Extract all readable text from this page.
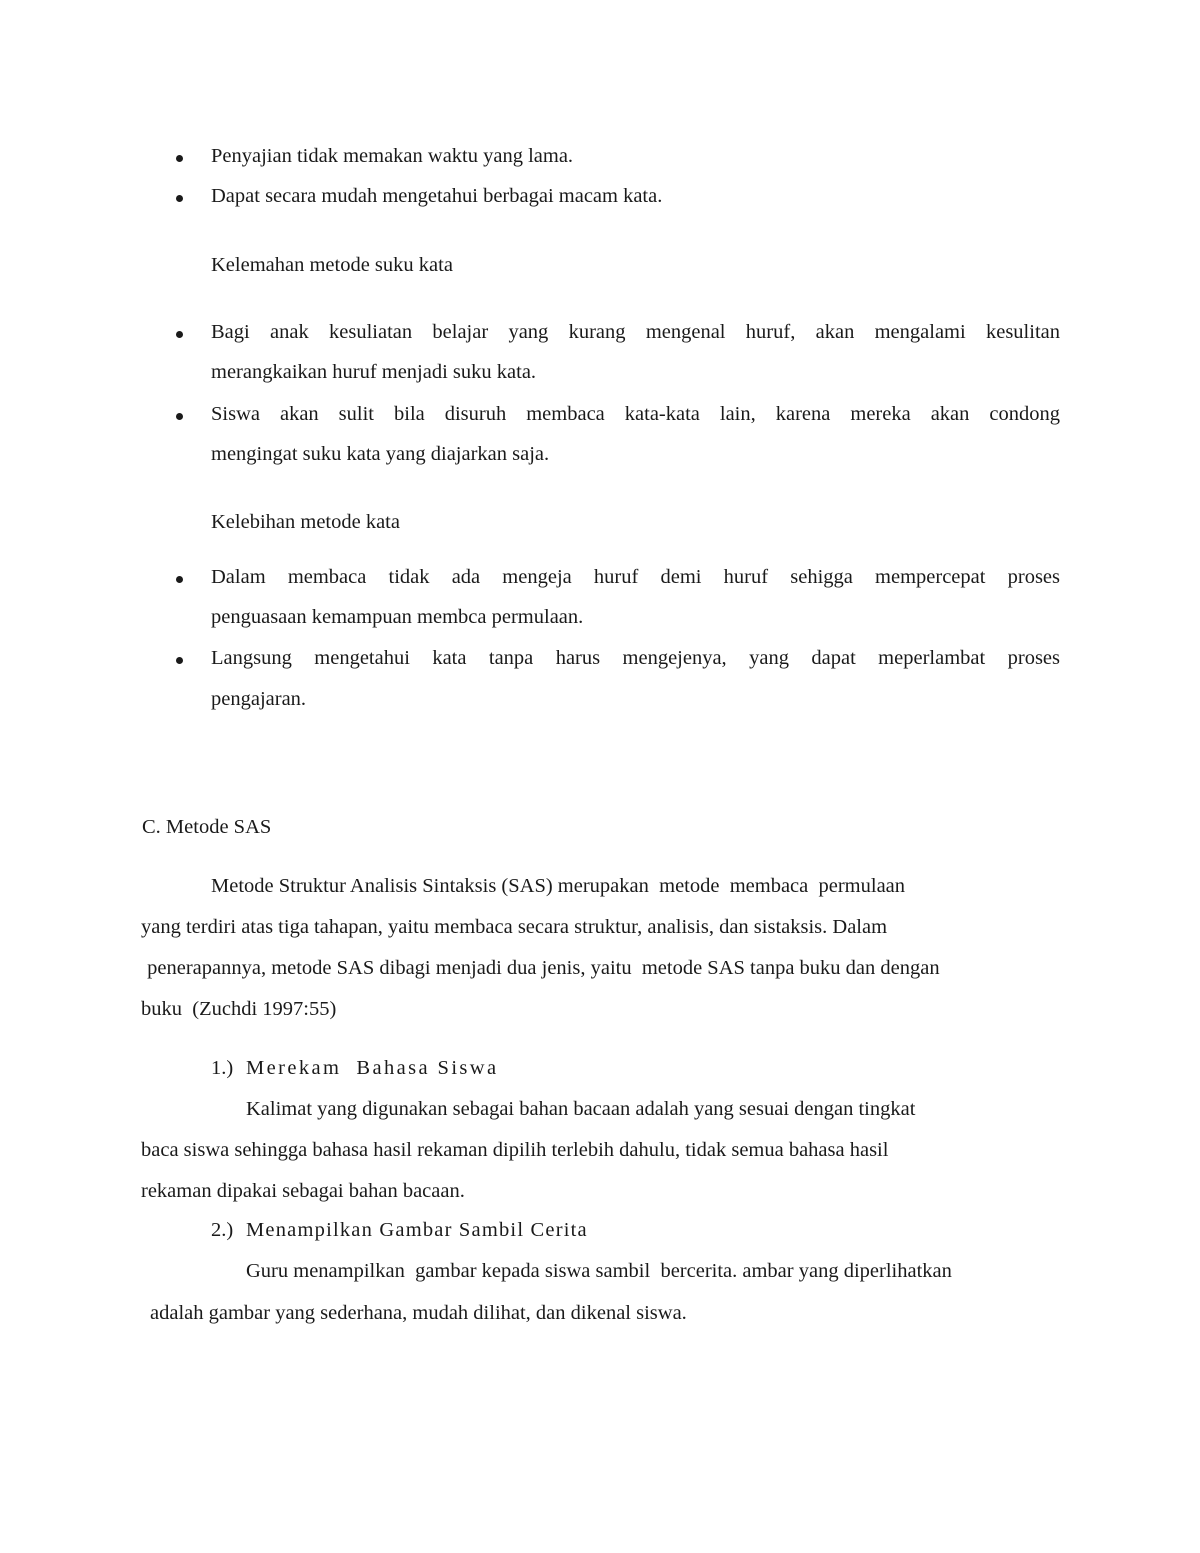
Penyajian tidak memakan waktu yang lama.
Dapat secara mudah mengetahui berbagai macam kata.
Kelemahan metode suku kata
Bagi anak kesuliatan belajar yang kurang mengenal huruf, akan mengalami kesulitan
merangkaikan huruf menjadi suku kata.
Siswa akan sulit bila disuruh membaca kata-kata lain, karena mereka akan condong
mengingat suku kata yang diajarkan saja.
Kelebihan metode kata
Dalam membaca tidak ada mengeja huruf demi huruf sehigga mempercepat proses
penguasaan kemampuan membca permulaan.
Langsung mengetahui kata tanpa harus mengejenya, yang dapat meperlambat proses
pengajaran.
C. Metode SAS
Metode Struktur Analisis Sintaksis (SAS) merupakan  metode  membaca  permulaan
yang terdiri atas tiga tahapan, yaitu membaca secara struktur, analisis, dan sistaksis. Dalam
penerapannya, metode SAS dibagi menjadi dua jenis, yaitu  metode SAS tanpa buku dan dengan
buku  (Zuchdi 1997:55)
1.) Merekam  Bahasa Siswa
Kalimat yang digunakan sebagai bahan bacaan adalah yang sesuai dengan tingkat
baca siswa sehingga bahasa hasil rekaman dipilih terlebih dahulu, tidak semua bahasa hasil
rekaman dipakai sebagai bahan bacaan.
2.) Menampilkan Gambar Sambil Cerita
Guru menampilkan  gambar kepada siswa sambil  bercerita. ambar yang diperlihatkan
adalah gambar yang sederhana, mudah dilihat, dan dikenal siswa.
